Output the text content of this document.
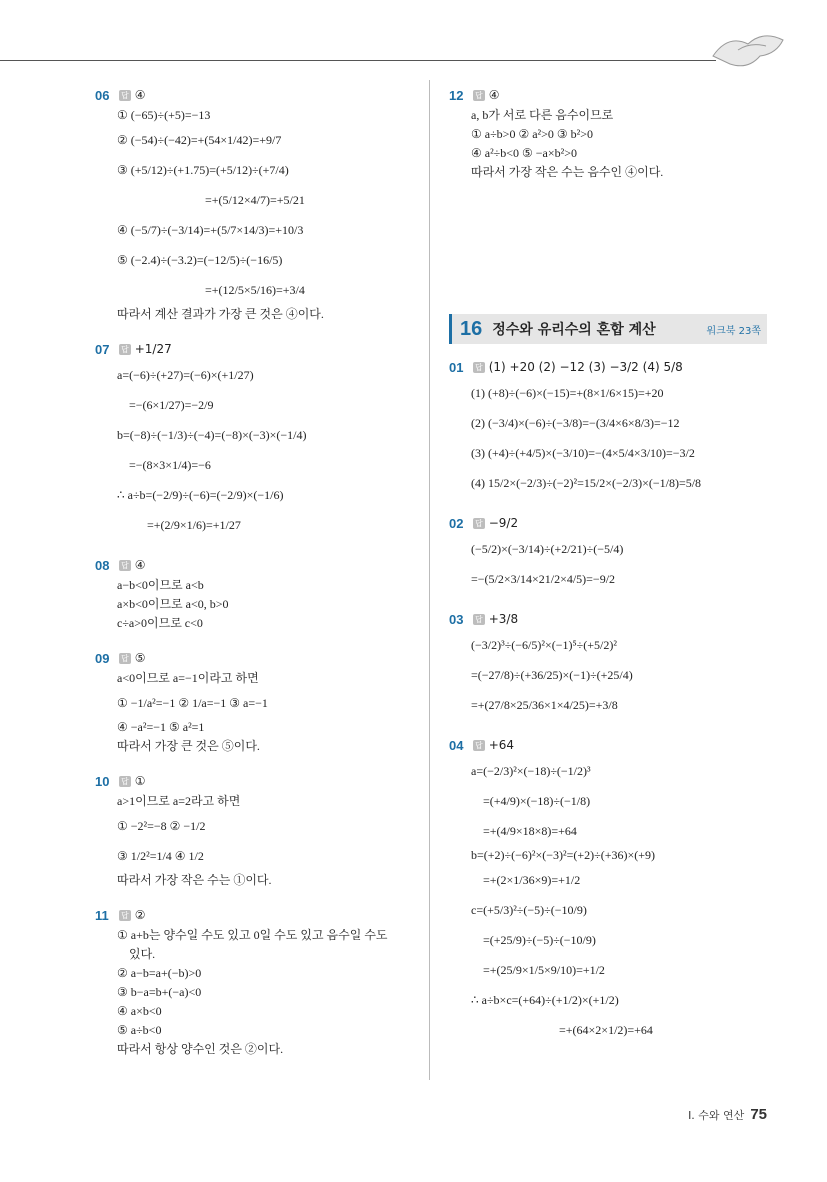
06	답 ④
① (−65)÷(+5)=−13
② (−54)÷(−42)=+(54×1/42)=+9/7
③ (+5/12)÷(+1.75)=(+5/12)÷(+7/4)
=+(5/12×4/7)=+5/21
④ (−5/7)÷(−3/14)=+(5/7×14/3)=+10/3
⑤ (−2.4)÷(−3.2)=(−12/5)÷(−16/5)
=+(12/5×5/16)=+3/4
따라서 계산 결과가 가장 큰 것은 ④이다.
07	답 +1/27
a=(−6)÷(+27)=(−6)×(+1/27)
=−(6×1/27)=−2/9
b=(−8)÷(−1/3)÷(−4)=(−8)×(−3)×(−1/4)
=−(8×3×1/4)=−6
∴ a÷b=(−2/9)÷(−6)=(−2/9)×(−1/6)
=+(2/9×1/6)=+1/27
08	답 ④
a−b<0이므로 a<b
a×b<0이므로 a<0, b>0
c÷a>0이므로 c<0
09	답 ⑤
a<0이므로 a=−1이라고 하면
① −1/a²=−1 ② 1/a=−1 ③ a=−1
④ −a²=−1 ⑤ a²=1
따라서 가장 큰 것은 ⑤이다.
10	답 ①
a>1이므로 a=2라고 하면
① −2²=−8 ② −1/2
③ 1/2²=1/4 ④ 1/2
따라서 가장 작은 수는 ①이다.
11	답 ②
① a+b는 양수일 수도 있고 0일 수도 있고 음수일 수도
있다.
② a−b=a+(−b)>0
③ b−a=b+(−a)<0
④ a×b<0
⑤ a÷b<0
따라서 항상 양수인 것은 ②이다.
12	답 ④
a, b가 서로 다른 음수이므로
① a÷b>0 ② a²>0 ③ b²>0
④ a²÷b<0 ⑤ −a×b²>0
따라서 가장 작은 수는 음수인 ④이다.
16 정수와 유리수의 혼합 계산	워크북 23쪽
01	답 (1) +20 (2) −12 (3) −3/2 (4) 5/8
(1) (+8)÷(−6)×(−15)=+(8×1/6×15)=+20
(2) (−3/4)×(−6)÷(−3/8)=−(3/4×6×8/3)=−12
(3) (+4)÷(+4/5)×(−3/10)=−(4×5/4×3/10)=−3/2
(4) 15/2×(−2/3)÷(−2)²=15/2×(−2/3)×(−1/8)=5/8
02	답 −9/2
(−5/2)×(−3/14)÷(+2/21)÷(−5/4)
=−(5/2×3/14×21/2×4/5)=−9/2
03	답 +3/8
(−3/2)³÷(−6/5)²×(−1)⁵÷(+5/2)²
=(−27/8)÷(+36/25)×(−1)÷(+25/4)
=+(27/8×25/36×1×4/25)=+3/8
04	답 +64
a=(−2/3)²×(−18)÷(−1/2)³
=(+4/9)×(−18)÷(−1/8)
=+(4/9×18×8)=+64
b=(+2)÷(−6)²×(−3)²=(+2)÷(+36)×(+9)
=+(2×1/36×9)=+1/2
c=(+5/3)²÷(−5)÷(−10/9)
=(+25/9)÷(−5)÷(−10/9)
=+(25/9×1/5×9/10)=+1/2
∴ a÷b×c=(+64)÷(+1/2)×(+1/2)
=+(64×2×1/2)=+64
I. 수와 연산 75
